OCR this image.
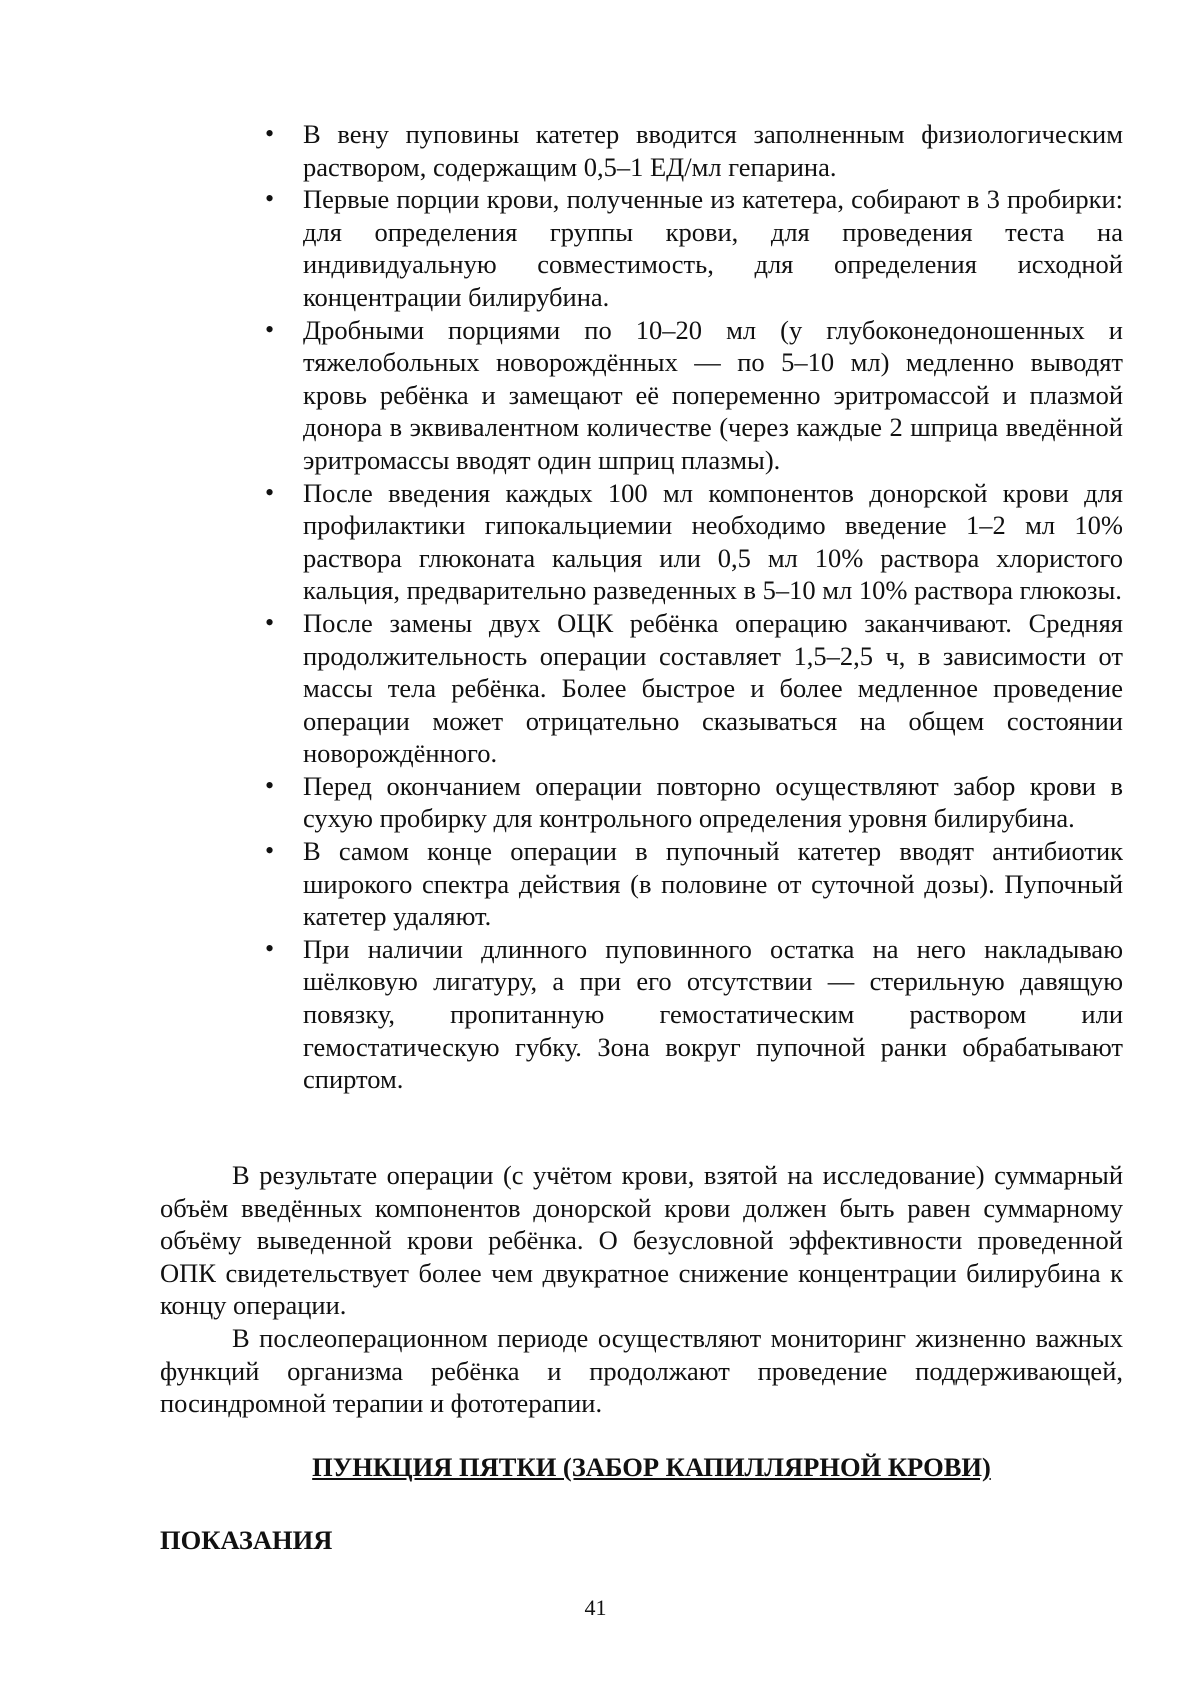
• В вену пуповины катетер вводится заполненным физиологическим раствором, содержащим 0,5–1 ЕД/мл гепарина.
• Первые порции крови, полученные из катетера, собирают в 3 пробирки: для определения группы крови, для проведения теста на индивидуальную совместимость, для определения исходной концентрации билирубина.
• Дробными порциями по 10–20 мл (у глубоконедоношенных и тяжелобольных новорождённых — по 5–10 мл) медленно выводят кровь ребёнка и замещают её попеременно эритромассой и плазмой донора в эквивалентном количестве (через каждые 2 шприца введённой эритромассы вводят один шприц плазмы).
• После введения каждых 100 мл компонентов донорской крови для профилактики гипокальциемии необходимо введение 1–2 мл 10% раствора глюконата кальция или 0,5 мл 10% раствора хлористого кальция, предварительно разведенных в 5–10 мл 10% раствора глюкозы.
• После замены двух ОЦК ребёнка операцию заканчивают. Средняя продолжительность операции составляет 1,5–2,5 ч, в зависимости от массы тела ребёнка. Более быстрое и более медленное проведение операции может отрицательно сказываться на общем состоянии новорождённого.
• Перед окончанием операции повторно осуществляют забор крови в сухую пробирку для контрольного определения уровня билирубина.
• В самом конце операции в пупочный катетер вводят антибиотик широкого спектра действия (в половине от суточной дозы). Пупочный катетер удаляют.
• При наличии длинного пуповинного остатка на него накладываю шёлковую лигатуру, а при его отсутствии — стерильную давящую повязку, пропитанную гемостатическим раствором или гемостатическую губку. Зона вокруг пупочной ранки обрабатывают спиртом.

В результате операции (с учётом крови, взятой на исследование) суммарный объём введённых компонентов донорской крови должен быть равен суммарному объёму выведенной крови ребёнка. О безусловной эффективности проведенной ОПК свидетельствует более чем двукратное снижение концентрации билирубина к концу операции.

В послеоперационном периоде осуществляют мониторинг жизненно важных функций организма ребёнка и продолжают проведение поддерживающей, посиндромной терапии и фототерапии.

ПУНКЦИЯ ПЯТКИ (ЗАБОР КАПИЛЛЯРНОЙ КРОВИ)
ПОКАЗАНИЯ
41
